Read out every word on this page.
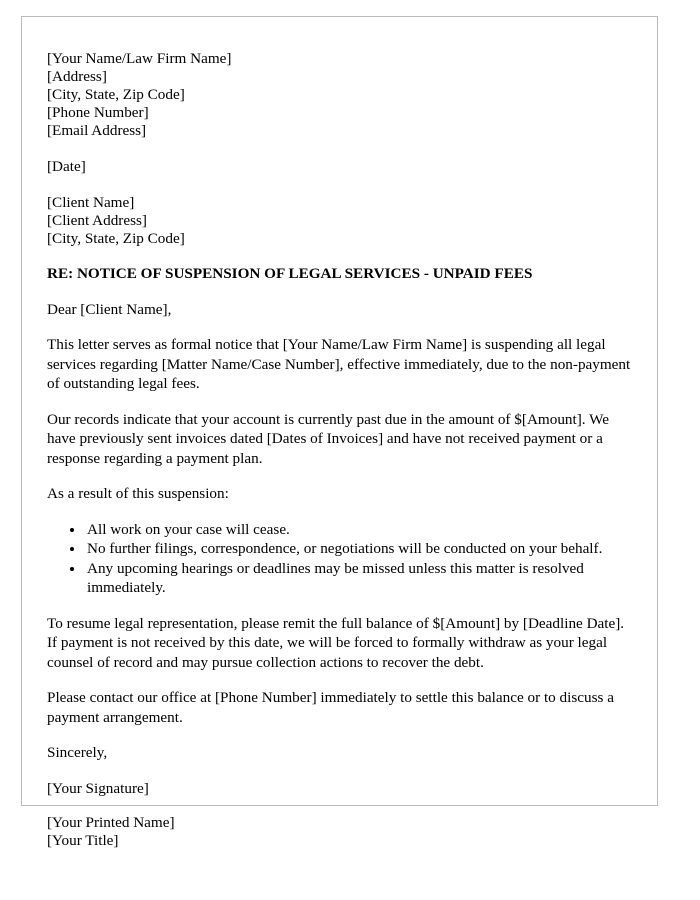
[Your Name/Law Firm Name]
[Address]
[City, State, Zip Code]
[Phone Number]
[Email Address]
[Date]
[Client Name]
[Client Address]
[City, State, Zip Code]
RE: NOTICE OF SUSPENSION OF LEGAL SERVICES - UNPAID FEES

Dear [Client Name],

This letter serves as formal notice that [Your Name/Law Firm Name] is suspending all legal services regarding [Matter Name/Case Number], effective immediately, due to the non-payment of outstanding legal fees.

Our records indicate that your account is currently past due in the amount of $[Amount]. We have previously sent invoices dated [Dates of Invoices] and have not received payment or a response regarding a payment plan.

As a result of this suspension:

• All work on your case will cease.
• No further filings, correspondence, or negotiations will be conducted on your behalf.
• Any upcoming hearings or deadlines may be missed unless this matter is resolved immediately.

To resume legal representation, please remit the full balance of $[Amount] by [Deadline Date]. If payment is not received by this date, we will be forced to formally withdraw as your legal counsel of record and may pursue collection actions to recover the debt.

Please contact our office at [Phone Number] immediately to settle this balance or to discuss a payment arrangement.

Sincerely,

[Your Signature]

[Your Printed Name]
[Your Title]
